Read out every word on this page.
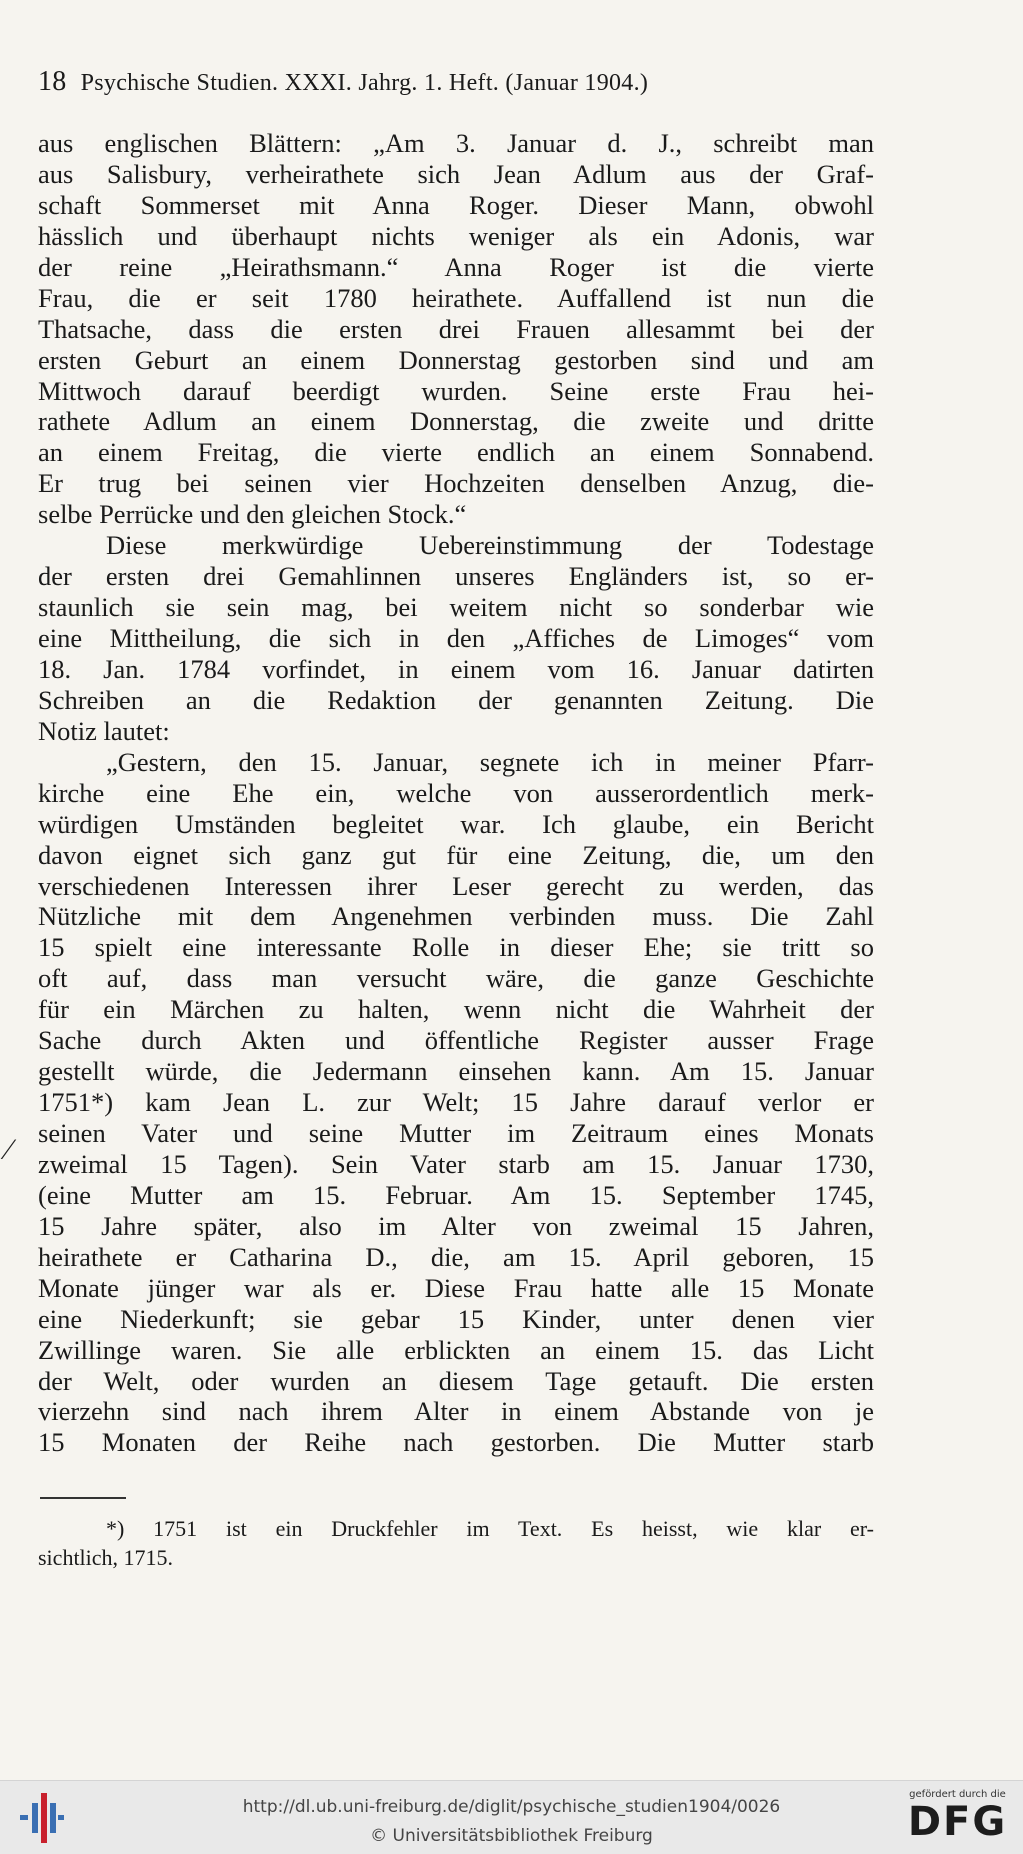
18 Psychische Studien. XXXI. Jahrg. 1. Heft. (Januar 1904.)
aus englischen Blättern: „Am 3. Januar d. J., schreibt man
aus Salisbury, verheirathete sich Jean Adlum aus der Graf-
schaft Sommerset mit Anna Roger. Dieser Mann, obwohl
hässlich und überhaupt nichts weniger als ein Adonis, war
der reine „Heirathsmann.“ Anna Roger ist die vierte
Frau, die er seit 1780 heirathete. Auffallend ist nun die
Thatsache, dass die ersten drei Frauen allesammt bei der
ersten Geburt an einem Donnerstag gestorben sind und am
Mittwoch darauf beerdigt wurden. Seine erste Frau hei-
rathete Adlum an einem Donnerstag, die zweite und dritte
an einem Freitag, die vierte endlich an einem Sonnabend.
Er trug bei seinen vier Hochzeiten denselben Anzug, die-
selbe Perrücke und den gleichen Stock.“
Diese merkwürdige Uebereinstimmung der Todestage
der ersten drei Gemahlinnen unseres Engländers ist, so er-
staunlich sie sein mag, bei weitem nicht so sonderbar wie
eine Mittheilung, die sich in den „Affiches de Limoges“ vom
18. Jan. 1784 vorfindet, in einem vom 16. Januar datirten
Schreiben an die Redaktion der genannten Zeitung. Die
Notiz lautet:
„Gestern, den 15. Januar, segnete ich in meiner Pfarr-
kirche eine Ehe ein, welche von ausserordentlich merk-
würdigen Umständen begleitet war. Ich glaube, ein Bericht
davon eignet sich ganz gut für eine Zeitung, die, um den
verschiedenen Interessen ihrer Leser gerecht zu werden, das
Nützliche mit dem Angenehmen verbinden muss. Die Zahl
15 spielt eine interessante Rolle in dieser Ehe; sie tritt so
oft auf, dass man versucht wäre, die ganze Geschichte
für ein Märchen zu halten, wenn nicht die Wahrheit der
Sache durch Akten und öffentliche Register ausser Frage
gestellt würde, die Jedermann einsehen kann. Am 15. Januar
1751*) kam Jean L. zur Welt; 15 Jahre darauf verlor er
seinen Vater und seine Mutter im Zeitraum eines Monats
zweimal 15 Tagen). Sein Vater starb am 15. Januar 1730,
(eine Mutter am 15. Februar. Am 15. September 1745,
15 Jahre später, also im Alter von zweimal 15 Jahren,
heirathete er Catharina D., die, am 15. April geboren, 15
Monate jünger war als er. Diese Frau hatte alle 15 Monate
eine Niederkunft; sie gebar 15 Kinder, unter denen vier
Zwillinge waren. Sie alle erblickten an einem 15. das Licht
der Welt, oder wurden an diesem Tage getauft. Die ersten
vierzehn sind nach ihrem Alter in einem Abstande von je
15 Monaten der Reihe nach gestorben. Die Mutter starb
⁄
*) 1751 ist ein Druckfehler im Text. Es heisst, wie klar er-
sichtlich, 1715.
http://dl.ub.uni-freiburg.de/diglit/psychische_studien1904/0026
© Universitätsbibliothek Freiburg
gefördert durch die
DFG
